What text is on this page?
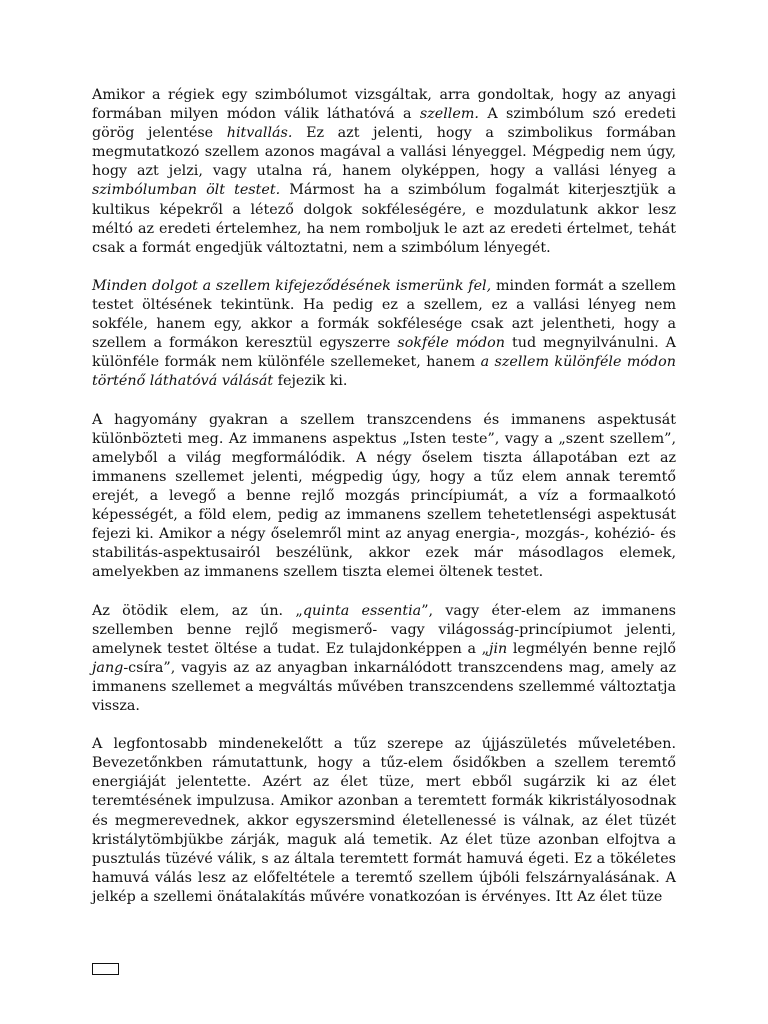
Amikor a régiek egy szimbólumot vizsgáltak, arra gondoltak, hogy az anyagi formában milyen módon válik láthatóvá a szellem. A szimbólum szó eredeti görög jelentése hitvallás. Ez azt jelenti, hogy a szimbolikus formában megmutatkozó szellem azonos magával a vallási lényeggel. Mégpedig nem úgy, hogy azt jelzi, vagy utalna rá, hanem olyképpen, hogy a vallási lényeg a szimbólumban ölt testet. Mármost ha a szimbólum fogalmát kiterjesztjük a kultikus képekről a létező dolgok sokféleségére, e mozdulatunk akkor lesz méltó az eredeti értelemhez, ha nem romboljuk le azt az eredeti értelmet, tehát csak a formát engedjük változtatni, nem a szimbólum lényegét.

Minden dolgot a szellem kifejeződésének ismerünk fel, minden formát a szellem testet öltésének tekintünk. Ha pedig ez a szellem, ez a vallási lényeg nem sokféle, hanem egy, akkor a formák sokfélesége csak azt jelentheti, hogy a szellem a formákon keresztül egyszerre sokféle módon tud megnyilvánulni. A különféle formák nem különféle szellemeket, hanem a szellem különféle módon történő láthatóvá válását fejezik ki.

A hagyomány gyakran a szellem transzcendens és immanens aspektusát különbözteti meg. Az immanens aspektus „Isten teste”, vagy a „szent szellem”, amelyből a világ megformálódik. A négy őselem tiszta állapotában ezt az immanens szellemet jelenti, mégpedig úgy, hogy a tűz elem annak teremtő erejét, a levegő a benne rejlő mozgás princípiumát, a víz a formaalkotó képességét, a föld elem, pedig az immanens szellem tehetetlenségi aspektusát fejezi ki. Amikor a négy őselemről mint az anyag energia-, mozgás-, kohézió- és stabilitás-aspektusairól beszélünk, akkor ezek már másodlagos elemek, amelyekben az immanens szellem tiszta elemei öltenek testet.

Az ötödik elem, az ún. „quinta essentia”, vagy éter-elem az immanens szellemben benne rejlő megismerő- vagy világosság-princípiumot jelenti, amelynek testet öltése a tudat. Ez tulajdonképpen a „jin legmélyén benne rejlő jang-csíra”, vagyis az az anyagban inkarnálódott transzcendens mag, amely az immanens szellemet a megváltás művében transzcendens szellemmé változtatja vissza.

A legfontosabb mindenekelőtt a tűz szerepe az újjászületés műveletében. Bevezetőnkben rámutattunk, hogy a tűz-elem ősidőkben a szellem teremtő energiáját jelentette. Azért az élet tüze, mert ebből sugárzik ki az élet teremtésének impulzusa. Amikor azonban a teremtett formák kikristályosodnak és megmerevednek, akkor egyszersmind életellenessé is válnak, az élet tüzét kristálytömbjükbe zárják, maguk alá temetik. Az élet tüze azonban elfojtva a pusztulás tüzévé válik, s az általa teremtett formát hamuvá égeti. Ez a tökéletes hamuvá válás lesz az előfeltétele a teremtő szellem újbóli felszárnyalásának. A jelkép a szellemi önátalakítás művére vonatkozóan is érvényes. Itt Az élet tüze
